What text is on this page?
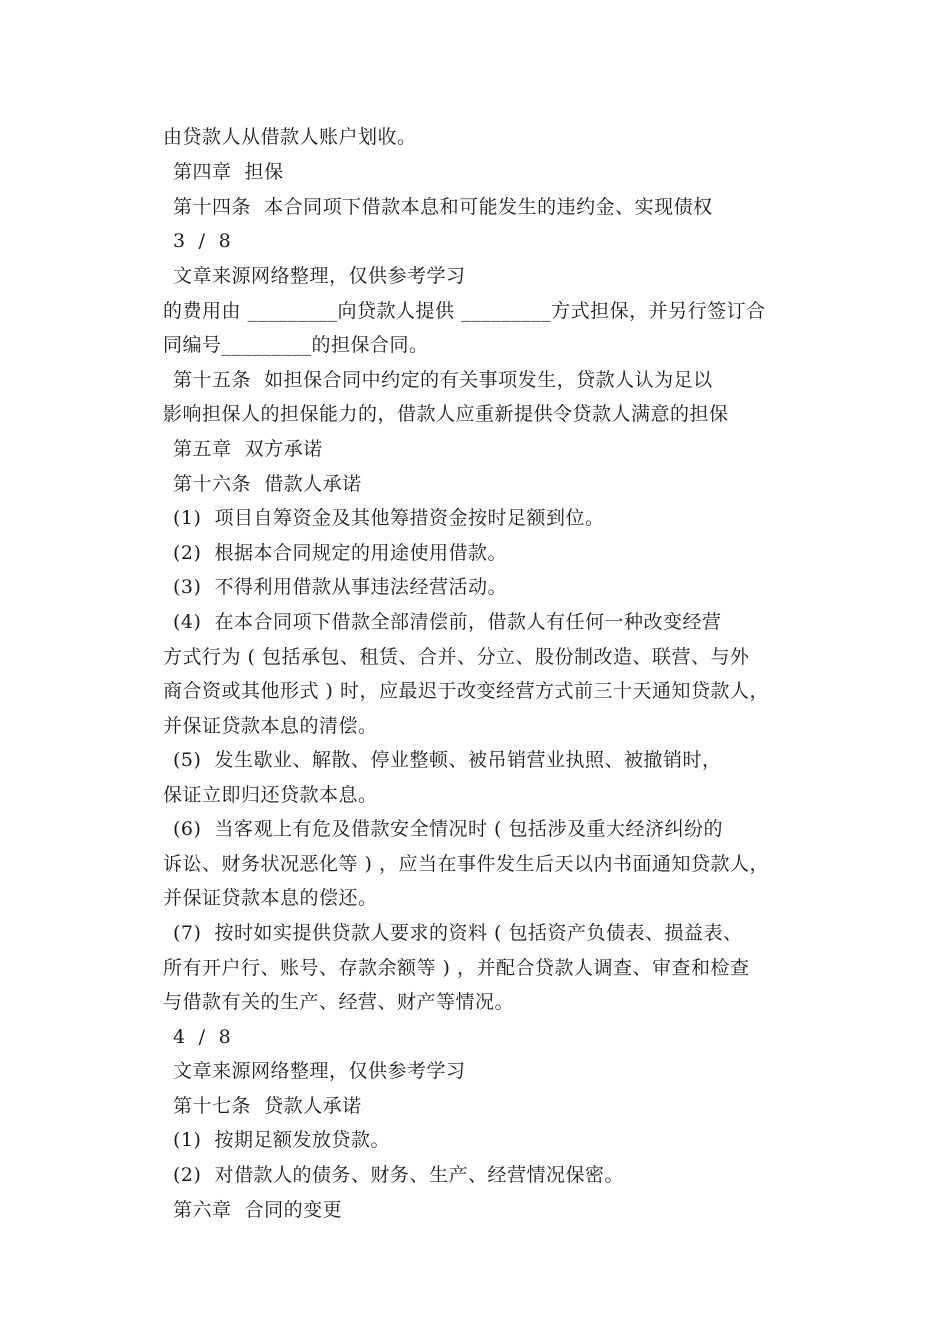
由贷款人从借款人账户划收。
第四章  担保
第十四条  本合同项下借款本息和可能发生的违约金、实现债权
3  /  8
文章来源网络整理，仅供参考学习
的费用由 _________向贷款人提供 _________方式担保，并另行签订合
同编号_________的担保合同。
第十五条  如担保合同中约定的有关事项发生，贷款人认为足以
影响担保人的担保能力的，借款人应重新提供令贷款人满意的担保
第五章  双方承诺
第十六条  借款人承诺
(1)  项目自筹资金及其他筹措资金按时足额到位。
(2)  根据本合同规定的用途使用借款。
(3)  不得利用借款从事违法经营活动。
(4)  在本合同项下借款全部清偿前，借款人有任何一种改变经营
方式行为 ( 包括承包、租赁、合并、分立、股份制改造、联营、与外
商合资或其他形式 ) 时，应最迟于改变经营方式前三十天通知贷款人，
并保证贷款本息的清偿。
(5)  发生歇业、解散、停业整顿、被吊销营业执照、被撤销时，
保证立即归还贷款本息。
(6)  当客观上有危及借款安全情况时 ( 包括涉及重大经济纠纷的
诉讼、财务状况恶化等 ) ，应当在事件发生后天以内书面通知贷款人，
并保证贷款本息的偿还。
(7)  按时如实提供贷款人要求的资料 ( 包括资产负债表、损益表、
所有开户行、账号、存款余额等 ) ，并配合贷款人调查、审查和检查
与借款有关的生产、经营、财产等情况。
4  /  8
文章来源网络整理，仅供参考学习
第十七条  贷款人承诺
(1)  按期足额发放贷款。
(2)  对借款人的债务、财务、生产、经营情况保密。
第六章  合同的变更
